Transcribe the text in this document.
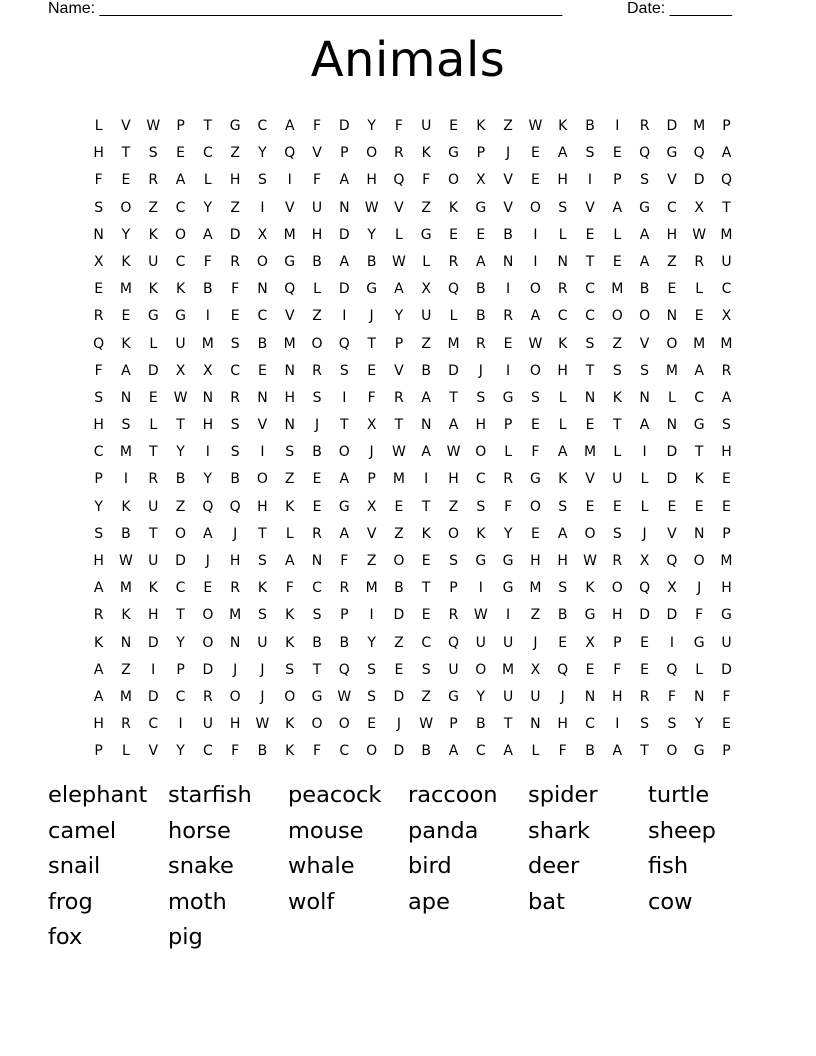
Name: ____________________________________________________	Date: _______
Animals
L	V	W	P	T	G	C	A	F	D	Y	F	U	E	K	Z	W	K	B	I	R	D	M	P
H	T	S	E	C	Z	Y	Q	V	P	O	R	K	G	P	J	E	A	S	E	Q	G	Q	A
F	E	R	A	L	H	S	I	F	A	H	Q	F	O	X	V	E	H	I	P	S	V	D	Q
S	O	Z	C	Y	Z	I	V	U	N	W	V	Z	K	G	V	O	S	V	A	G	C	X	T
N	Y	K	O	A	D	X	M	H	D	Y	L	G	E	E	B	I	L	E	L	A	H	W	M
X	K	U	C	F	R	O	G	B	A	B	W	L	R	A	N	I	N	T	E	A	Z	R	U
E	M	K	K	B	F	N	Q	L	D	G	A	X	Q	B	I	O	R	C	M	B	E	L	C
R	E	G	G	I	E	C	V	Z	I	J	Y	U	L	B	R	A	C	C	O	O	N	E	X
Q	K	L	U	M	S	B	M	O	Q	T	P	Z	M	R	E	W	K	S	Z	V	O	M	M
F	A	D	X	X	C	E	N	R	S	E	V	B	D	J	I	O	H	T	S	S	M	A	R
S	N	E	W	N	R	N	H	S	I	F	R	A	T	S	G	S	L	N	K	N	L	C	A
H	S	L	T	H	S	V	N	J	T	X	T	N	A	H	P	E	L	E	T	A	N	G	S
C	M	T	Y	I	S	I	S	B	O	J	W	A	W	O	L	F	A	M	L	I	D	T	H
P	I	R	B	Y	B	O	Z	E	A	P	M	I	H	C	R	G	K	V	U	L	D	K	E
Y	K	U	Z	Q	Q	H	K	E	G	X	E	T	Z	S	F	O	S	E	E	L	E	E	E
S	B	T	O	A	J	T	L	R	A	V	Z	K	O	K	Y	E	A	O	S	J	V	N	P
H	W	U	D	J	H	S	A	N	F	Z	O	E	S	G	G	H	H	W	R	X	Q	O	M
A	M	K	C	E	R	K	F	C	R	M	B	T	P	I	G	M	S	K	O	Q	X	J	H
R	K	H	T	O	M	S	K	S	P	I	D	E	R	W	I	Z	B	G	H	D	D	F	G
K	N	D	Y	O	N	U	K	B	B	Y	Z	C	Q	U	U	J	E	X	P	E	I	G	U
A	Z	I	P	D	J	J	S	T	Q	S	E	S	U	O	M	X	Q	E	F	E	Q	L	D
A	M	D	C	R	O	J	O	G	W	S	D	Z	G	Y	U	U	J	N	H	R	F	N	F
H	R	C	I	U	H	W	K	O	O	E	J	W	P	B	T	N	H	C	I	S	S	Y	E
P	L	V	Y	C	F	B	K	F	C	O	D	B	A	C	A	L	F	B	A	T	O	G	P
elephant starfish	peacock	raccoon	spider	turtle
camel	horse	mouse	panda	shark	sheep
snail	snake	whale	bird	deer	fish
frog	moth	wolf	ape	bat	cow
fox	pig
